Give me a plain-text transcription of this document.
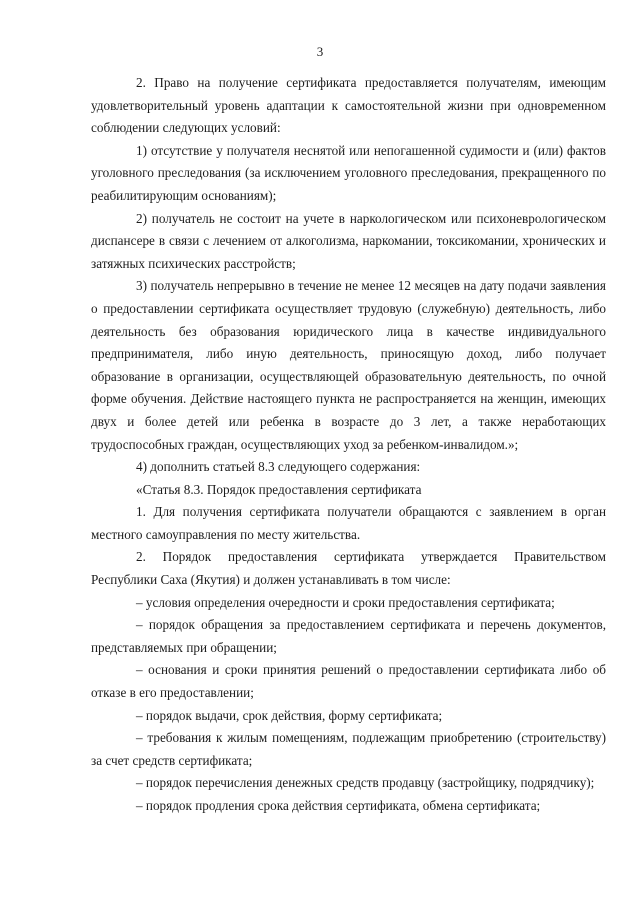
3

2. Право на получение сертификата предоставляется получателям, имеющим удовлетворительный уровень адаптации к самостоятельной жизни при одновременном соблюдении следующих условий:

1) отсутствие у получателя неснятой или непогашенной судимости и (или) фактов уголовного преследования (за исключением уголовного преследования, прекращенного по реабилитирующим основаниям);

2) получатель не состоит на учете в наркологическом или психоневрологическом диспансере в связи с лечением от алкоголизма, наркомании, токсикомании, хронических и затяжных психических расстройств;

3) получатель непрерывно в течение не менее 12 месяцев на дату подачи заявления о предоставлении сертификата осуществляет трудовую (служебную) деятельность, либо деятельность без образования юридического лица в качестве индивидуального предпринимателя, либо иную деятельность, приносящую доход, либо получает образование в организации, осуществляющей образовательную деятельность, по очной форме обучения. Действие настоящего пункта не распространяется на женщин, имеющих двух и более детей или ребенка в возрасте до 3 лет, а также неработающих трудоспособных граждан, осуществляющих уход за ребенком-инвалидом.»;

4) дополнить статьей 8.3 следующего содержания:

«Статья 8.3. Порядок предоставления сертификата

1. Для получения сертификата получатели обращаются с заявлением в орган местного самоуправления по месту жительства.

2. Порядок предоставления сертификата утверждается Правительством Республики Саха (Якутия) и должен устанавливать в том числе:

– условия определения очередности и сроки предоставления сертификата;

– порядок обращения за предоставлением сертификата и перечень документов, представляемых при обращении;

– основания и сроки принятия решений о предоставлении сертификата либо об отказе в его предоставлении;

– порядок выдачи, срок действия, форму сертификата;

– требования к жилым помещениям, подлежащим приобретению (строительству) за счет средств сертификата;

– порядок перечисления денежных средств продавцу (застройщику, подрядчику);

– порядок продления срока действия сертификата, обмена сертификата;
